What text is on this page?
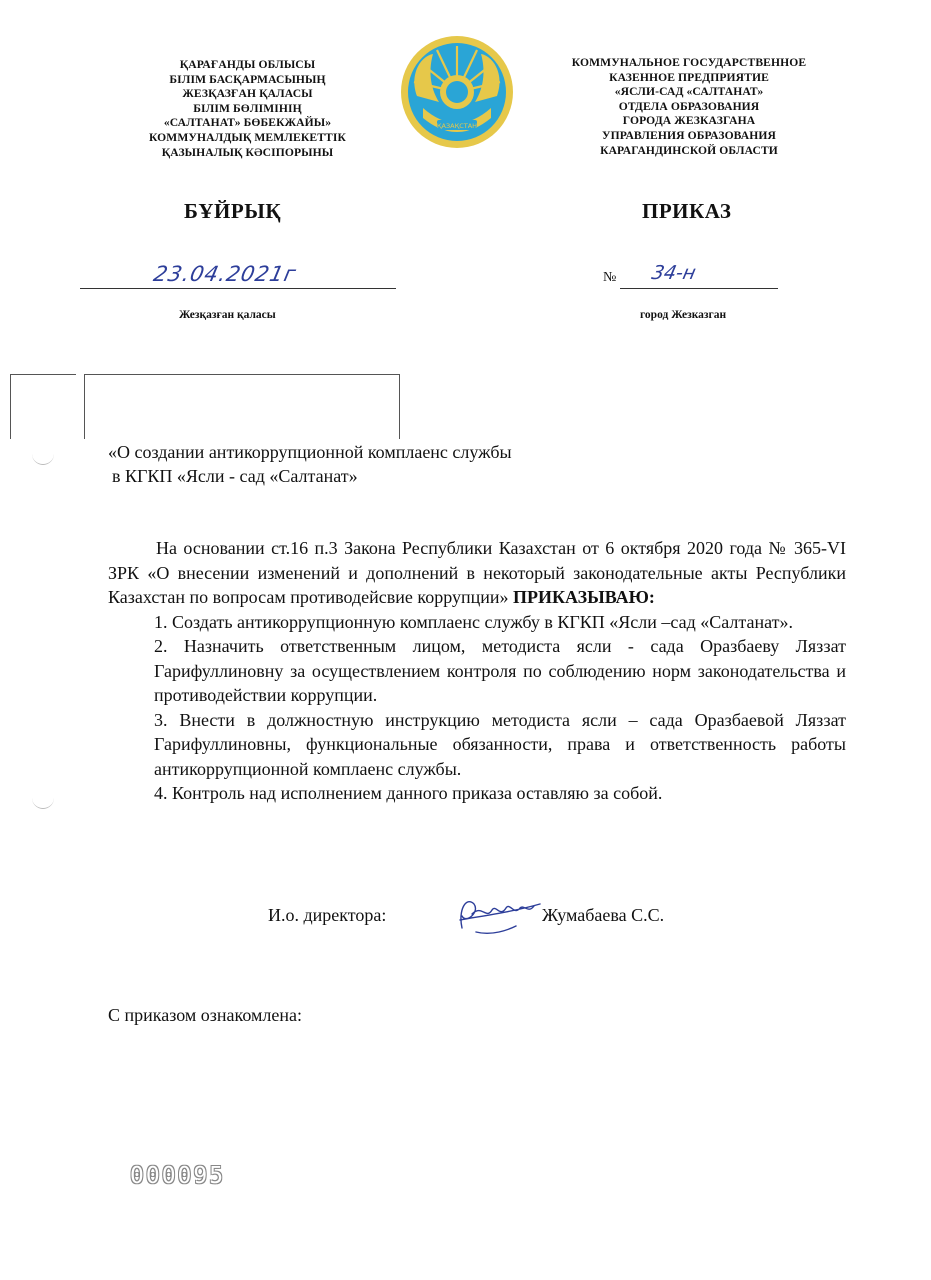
ҚАРАҒАНДЫ ОБЛЫСЫ
БІЛІМ БАСҚАРМАСЫНЫҢ
ЖЕЗҚАЗҒАН ҚАЛАСЫ
БІЛІМ БӨЛІМІНІҢ
«САЛТАНАТ» БӨБЕКЖАЙЫ»
КОММУНАЛДЫҚ МЕМЛЕКЕТТІК
ҚАЗЫНАЛЫҚ КӘСІПОРЫНЫ
ҚАЗАҚСТАН
КОММУНАЛЬНОЕ ГОСУДАРСТВЕННОЕ
КАЗЕННОЕ ПРЕДПРИЯТИЕ
«ЯСЛИ-САД «САЛТАНАТ»
ОТДЕЛА ОБРАЗОВАНИЯ
ГОРОДА ЖЕЗКАЗГАНА
УПРАВЛЕНИЯ ОБРАЗОВАНИЯ
КАРАГАНДИНСКОЙ ОБЛАСТИ
БҰЙРЫҚ	ПРИКАЗ
23.04.2021г	№ 34-н
Жезқазған қаласы	город Жезказган
«О создании антикоррупционной комплаенс службы
в КГКП «Ясли - сад «Салтанат»
На основании ст.16 п.3 Закона Республики Казахстан от 6 октября 2020 года № 365-VI ЗРК «О внесении изменений и дополнений в некоторый законодательные акты Республики Казахстан по вопросам противодейсвие коррупции» ПРИКАЗЫВАЮ:
1. Создать антикоррупционную комплаенс службу в КГКП «Ясли –сад «Салтанат».
2. Назначить ответственным лицом, методиста ясли - сада Оразбаеву Ляззат Гарифуллиновну за осуществлением контроля по соблюдению норм законодательства и противодействии коррупции.
3. Внести в должностную инструкцию методиста ясли – сада Оразбаевой Ляззат Гарифуллиновны, функциональные обязанности, права и ответственность работы антикоррупционной комплаенс службы.
4. Контроль над исполнением данного приказа оставляю за собой.
И.о. директора:	Жумабаева С.С.
С приказом ознакомлена:
000095
